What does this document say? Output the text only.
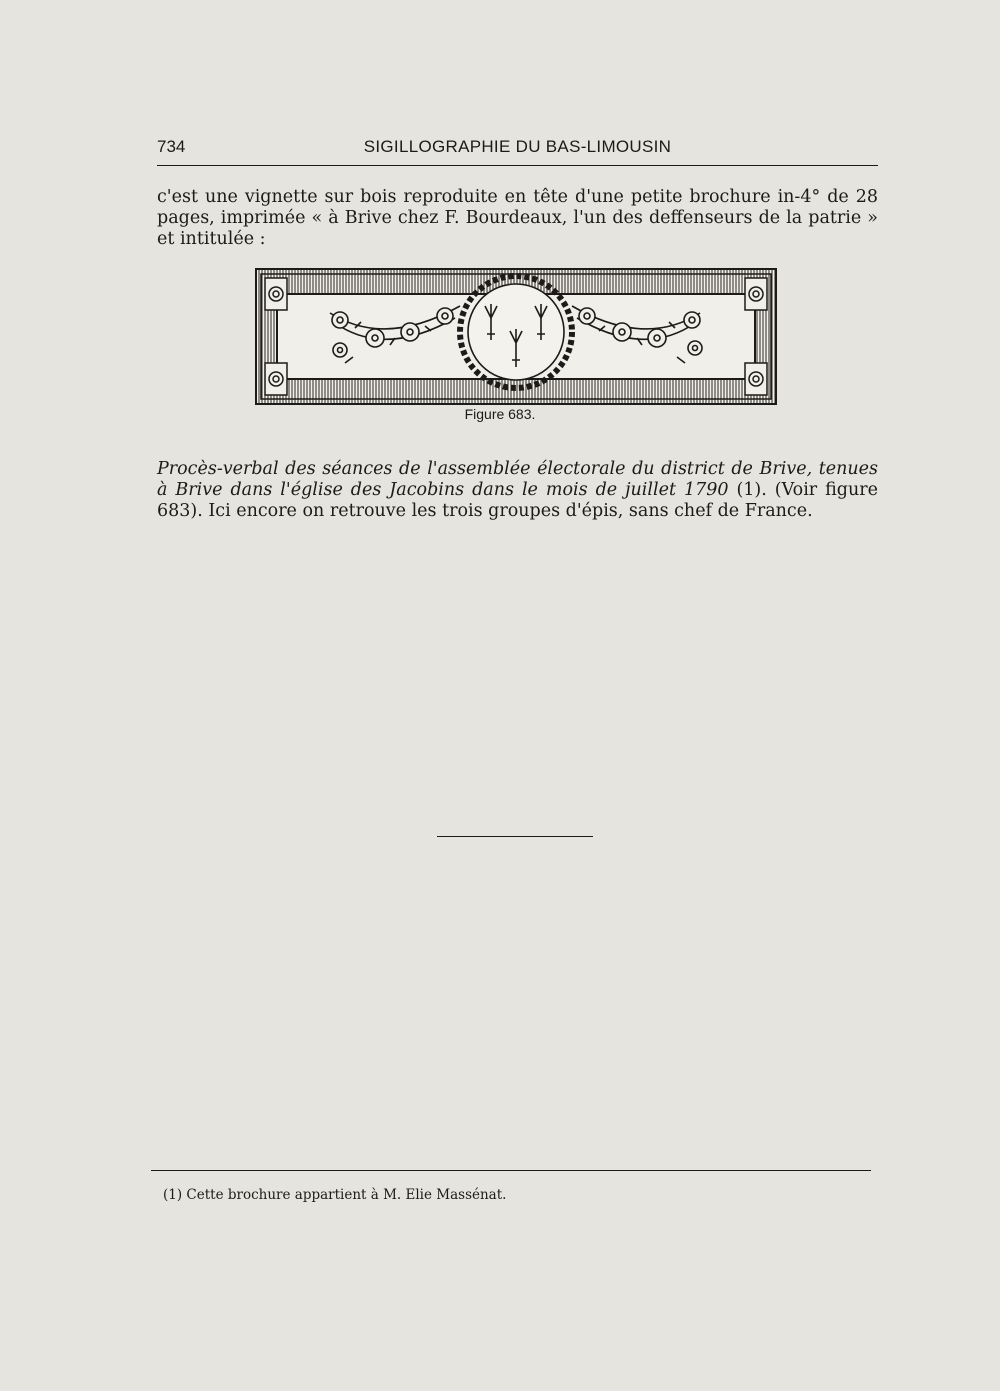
734	SIGILLOGRAPHIE DU BAS-LIMOUSIN

c'est une vignette sur bois reproduite en tête d'une petite brochure in-4° de 28 pages, imprimée « à Brive chez F. Bourdeaux, l'un des deffenseurs de la patrie » et intitulée :

Figure 683.

Procès-verbal des séances de l'assemblée électorale du district de Brive, tenues à Brive dans l'église des Jacobins dans le mois de juillet 1790 (1). (Voir figure 683). Ici encore on retrouve les trois groupes d'épis, sans chef de France.

(1) Cette brochure appartient à M. Elie Massénat.
